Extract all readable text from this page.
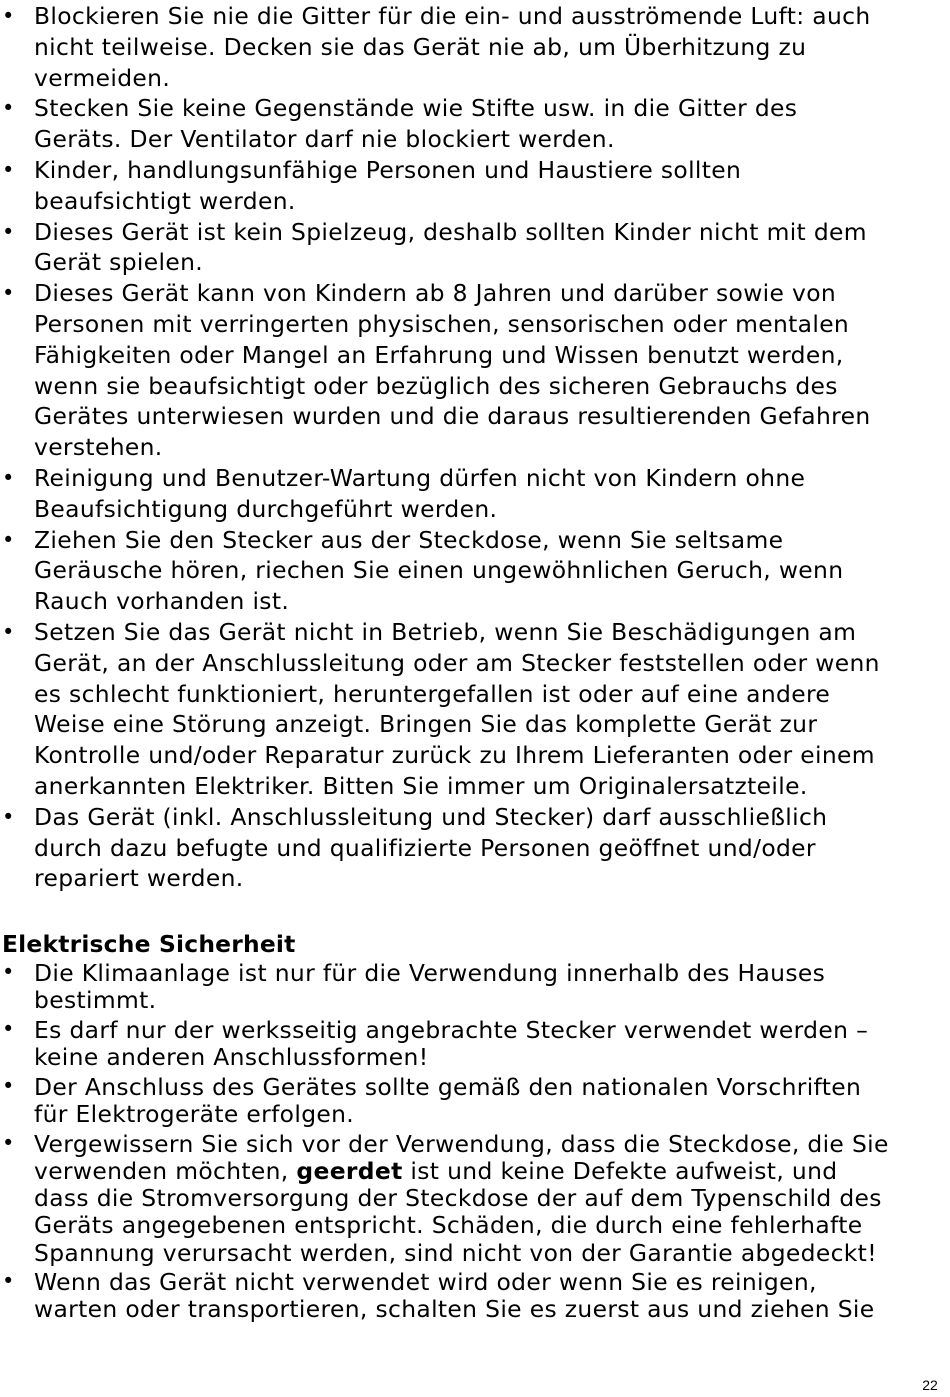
• Blockieren Sie nie die Gitter für die ein- und ausströmende Luft: auch
nicht teilweise. Decken sie das Gerät nie ab, um Überhitzung zu
vermeiden.
• Stecken Sie keine Gegenstände wie Stifte usw. in die Gitter des
Geräts. Der Ventilator darf nie blockiert werden.
• Kinder, handlungsunfähige Personen und Haustiere sollten
beaufsichtigt werden.
• Dieses Gerät ist kein Spielzeug, deshalb sollten Kinder nicht mit dem
Gerät spielen.
• Dieses Gerät kann von Kindern ab 8 Jahren und darüber sowie von
Personen mit verringerten physischen, sensorischen oder mentalen
Fähigkeiten oder Mangel an Erfahrung und Wissen benutzt werden,
wenn sie beaufsichtigt oder bezüglich des sicheren Gebrauchs des
Gerätes unterwiesen wurden und die daraus resultierenden Gefahren
verstehen.
• Reinigung und Benutzer-Wartung dürfen nicht von Kindern ohne
Beaufsichtigung durchgeführt werden.
• Ziehen Sie den Stecker aus der Steckdose, wenn Sie seltsame
Geräusche hören, riechen Sie einen ungewöhnlichen Geruch, wenn
Rauch vorhanden ist.
• Setzen Sie das Gerät nicht in Betrieb, wenn Sie Beschädigungen am
Gerät, an der Anschlussleitung oder am Stecker feststellen oder wenn
es schlecht funktioniert, heruntergefallen ist oder auf eine andere
Weise eine Störung anzeigt. Bringen Sie das komplette Gerät zur
Kontrolle und/oder Reparatur zurück zu Ihrem Lieferanten oder einem
anerkannten Elektriker. Bitten Sie immer um Originalersatzteile.
• Das Gerät (inkl. Anschlussleitung und Stecker) darf ausschließlich
durch dazu befugte und qualifizierte Personen geöffnet und/oder
repariert werden.
Elektrische Sicherheit
• Die Klimaanlage ist nur für die Verwendung innerhalb des Hauses
bestimmt.
• Es darf nur der werksseitig angebrachte Stecker verwendet werden –
keine anderen Anschlussformen!
• Der Anschluss des Gerätes sollte gemäß den nationalen Vorschriften
für Elektrogeräte erfolgen.
• Vergewissern Sie sich vor der Verwendung, dass die Steckdose, die Sie
verwenden möchten, geerdet ist und keine Defekte aufweist, und
dass die Stromversorgung der Steckdose der auf dem Typenschild des
Geräts angegebenen entspricht. Schäden, die durch eine fehlerhafte
Spannung verursacht werden, sind nicht von der Garantie abgedeckt!
• Wenn das Gerät nicht verwendet wird oder wenn Sie es reinigen,
warten oder transportieren, schalten Sie es zuerst aus und ziehen Sie
22
